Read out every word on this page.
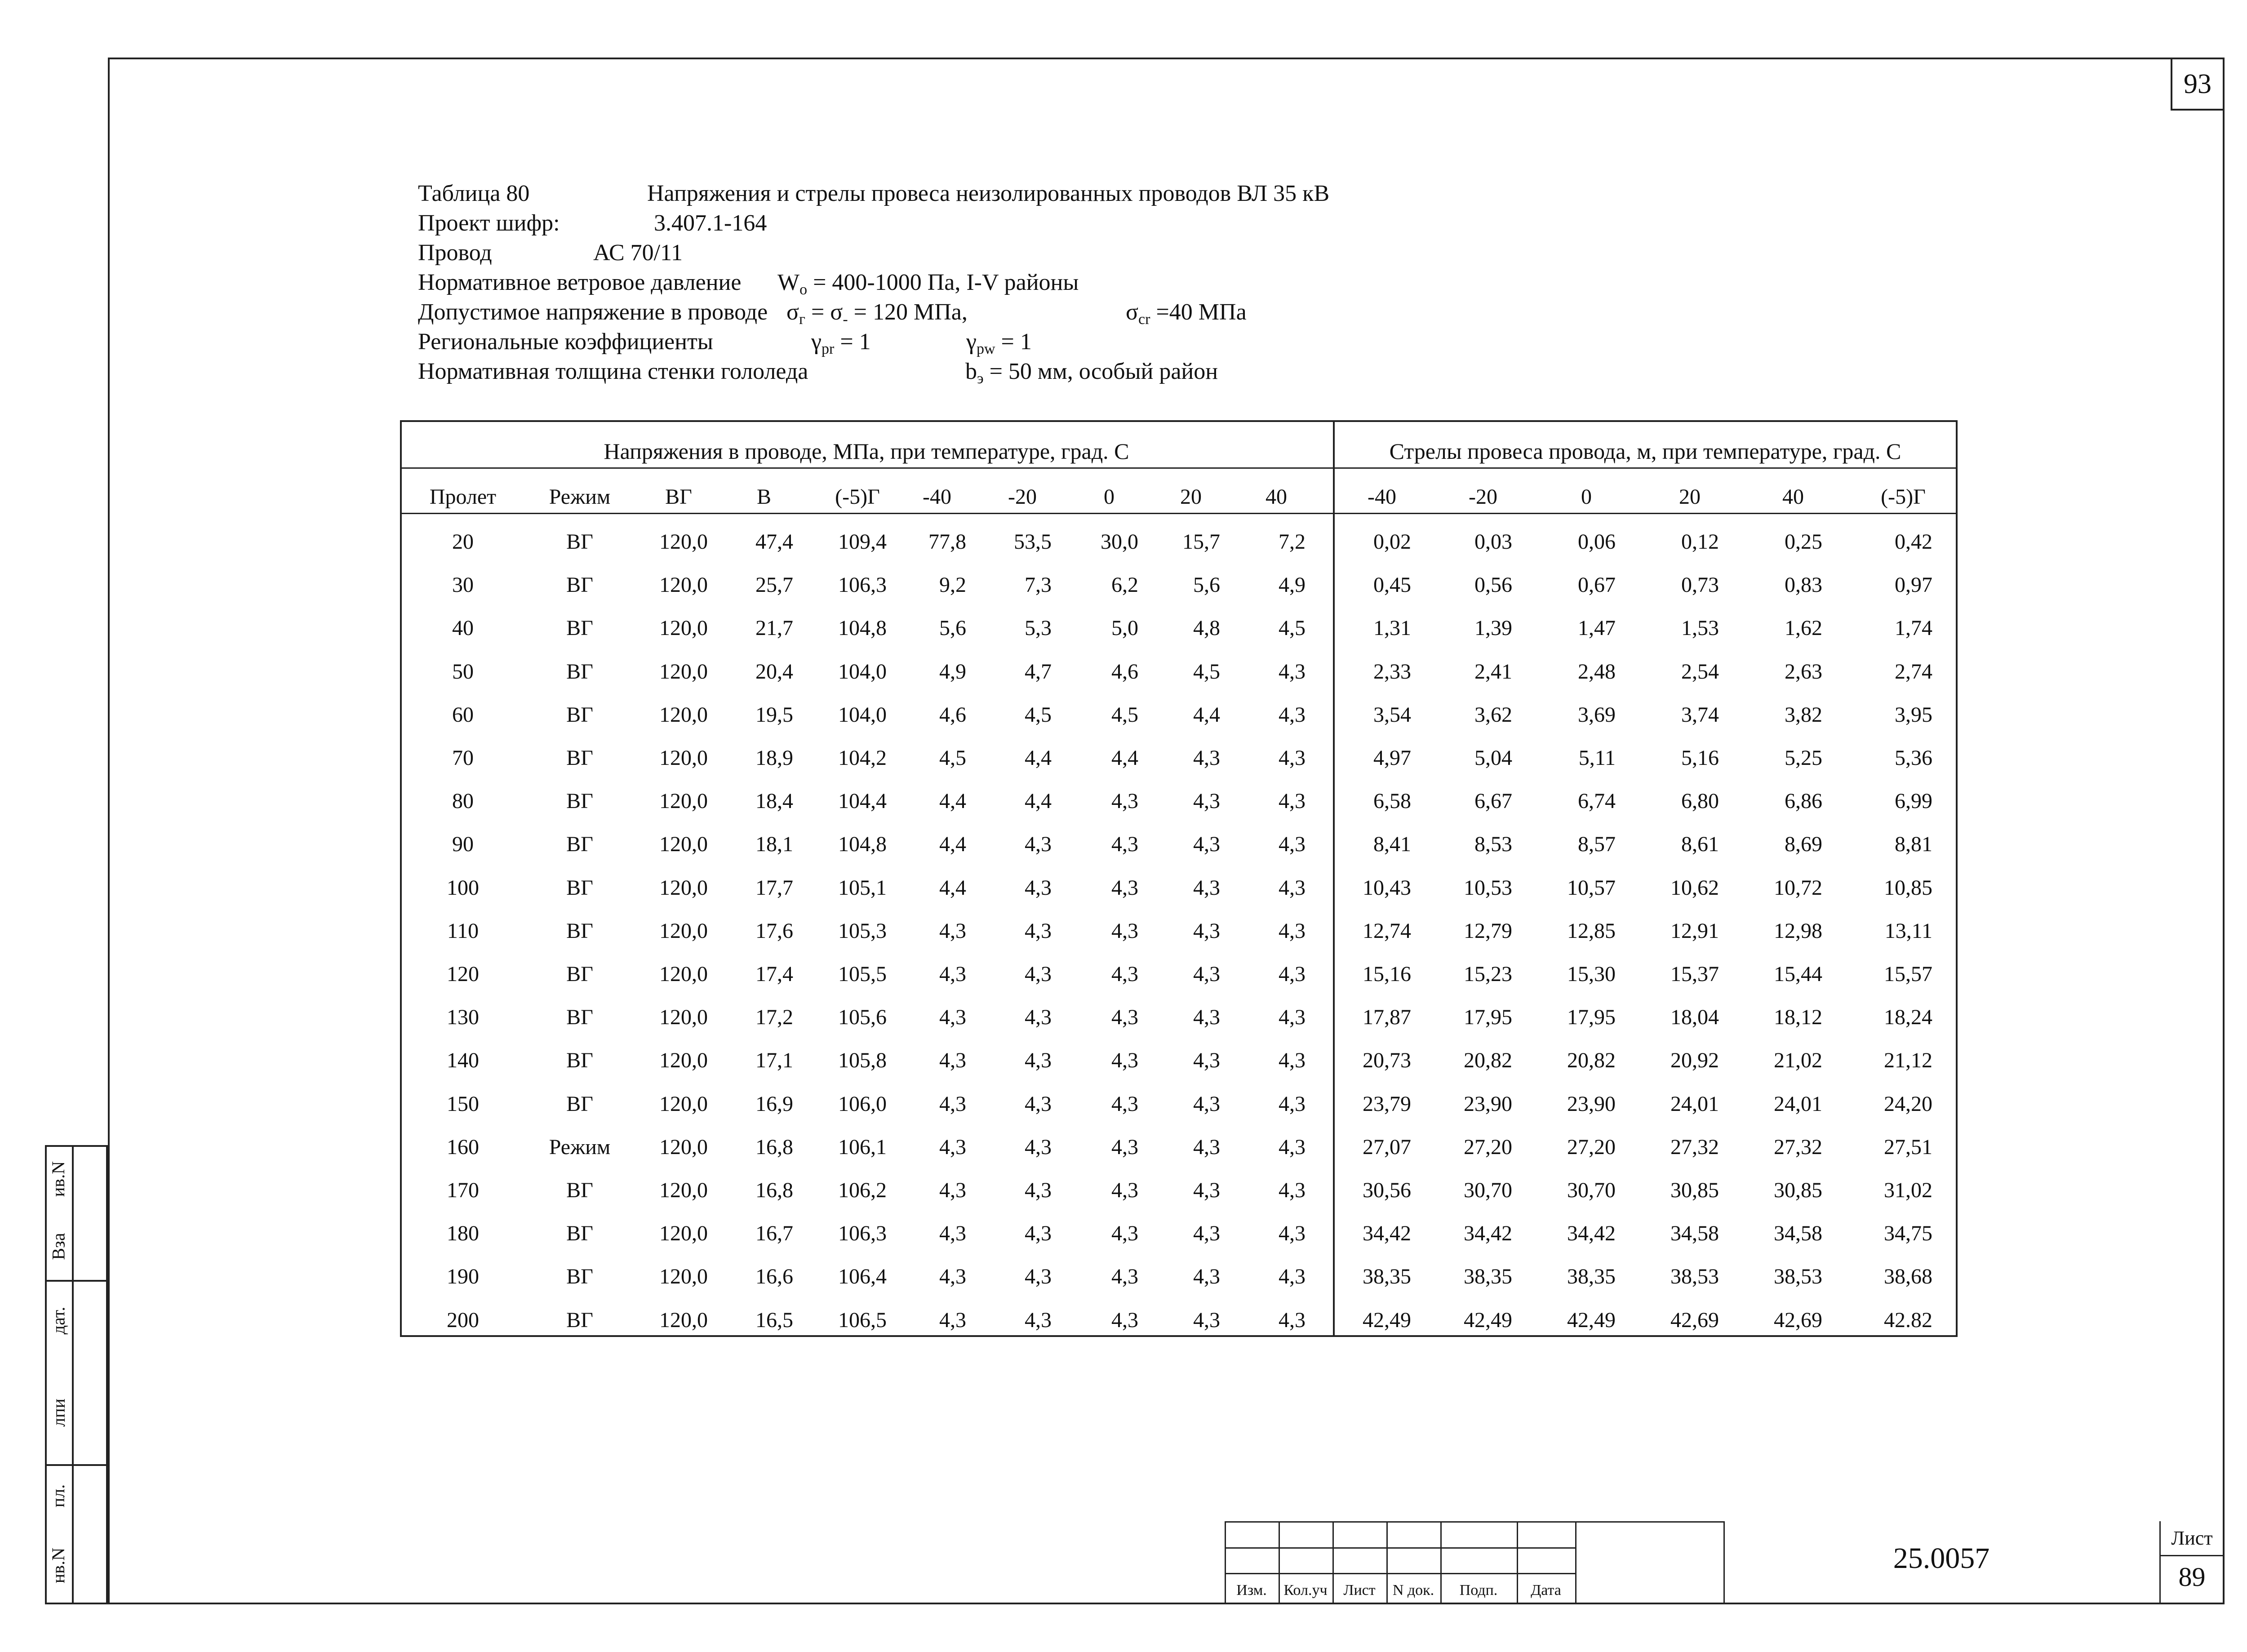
93
нв.N
пл.
лпи
дат.
Взa
ив.N
Таблица 80	Напряжения и стрелы провеса неизолированных проводов ВЛ 35 кВ
Проект шифр:	3.407.1-164
Провод	АС 70/11
Нормативное ветровое давление $W_o = 400-1000$ Па, I-V районы
Допустимое напряжение в проводе $\sigma_г = \sigma_- = 120$ МПа,	$\sigma_{cr} =40$ МПа
Региональные коэффициенты	$\gamma_{pr} = 1$	$\gamma_{pw} = 1$
Нормативная толщина стенки гололеда	$b_э = 50$ мм, особый район
Напряжения в проводе, МПа, при температуре, град. С	Стрелы провеса провода, м, при температуре, град. С
Пролет	Режим	ВГ	В	(-5)Г	-40	-20	0	20	40	-40	-20	0	20	40	(-5)Г
20	ВГ	120,0	47,4	109,4	77,8	53,5	30,0	15,7	7,2	0,02	0,03	0,06	0,12	0,25	0,42
30	ВГ	120,0	25,7	106,3	9,2	7,3	6,2	5,6	4,9	0,45	0,56	0,67	0,73	0,83	0,97
40	ВГ	120,0	21,7	104,8	5,6	5,3	5,0	4,8	4,5	1,31	1,39	1,47	1,53	1,62	1,74
50	ВГ	120,0	20,4	104,0	4,9	4,7	4,6	4,5	4,3	2,33	2,41	2,48	2,54	2,63	2,74
60	ВГ	120,0	19,5	104,0	4,6	4,5	4,5	4,4	4,3	3,54	3,62	3,69	3,74	3,82	3,95
70	ВГ	120,0	18,9	104,2	4,5	4,4	4,4	4,3	4,3	4,97	5,04	5,11	5,16	5,25	5,36
80	ВГ	120,0	18,4	104,4	4,4	4,4	4,3	4,3	4,3	6,58	6,67	6,74	6,80	6,86	6,99
90	ВГ	120,0	18,1	104,8	4,4	4,3	4,3	4,3	4,3	8,41	8,53	8,57	8,61	8,69	8,81
100	ВГ	120,0	17,7	105,1	4,4	4,3	4,3	4,3	4,3	10,43	10,53	10,57	10,62	10,72	10,85
110	ВГ	120,0	17,6	105,3	4,3	4,3	4,3	4,3	4,3	12,74	12,79	12,85	12,91	12,98	13,11
120	ВГ	120,0	17,4	105,5	4,3	4,3	4,3	4,3	4,3	15,16	15,23	15,30	15,37	15,44	15,57
130	ВГ	120,0	17,2	105,6	4,3	4,3	4,3	4,3	4,3	17,87	17,95	17,95	18,04	18,12	18,24
140	ВГ	120,0	17,1	105,8	4,3	4,3	4,3	4,3	4,3	20,73	20,82	20,82	20,92	21,02	21,12
150	ВГ	120,0	16,9	106,0	4,3	4,3	4,3	4,3	4,3	23,79	23,90	23,90	24,01	24,01	24,20
160	Режим	120,0	16,8	106,1	4,3	4,3	4,3	4,3	4,3	27,07	27,20	27,20	27,32	27,32	27,51
170	ВГ	120,0	16,8	106,2	4,3	4,3	4,3	4,3	4,3	30,56	30,70	30,70	30,85	30,85	31,02
180	ВГ	120,0	16,7	106,3	4,3	4,3	4,3	4,3	4,3	34,42	34,42	34,42	34,58	34,58	34,75
190	ВГ	120,0	16,6	106,4	4,3	4,3	4,3	4,3	4,3	38,35	38,35	38,35	38,53	38,53	38,68
200	ВГ	120,0	16,5	106,5	4,3	4,3	4,3	4,3	4,3	42,49	42,49	42,49	42,69	42,69	42.82
Изм.	Кол.уч	Лист	N док.	Подп.	Дата
25.0057
Лист
89
